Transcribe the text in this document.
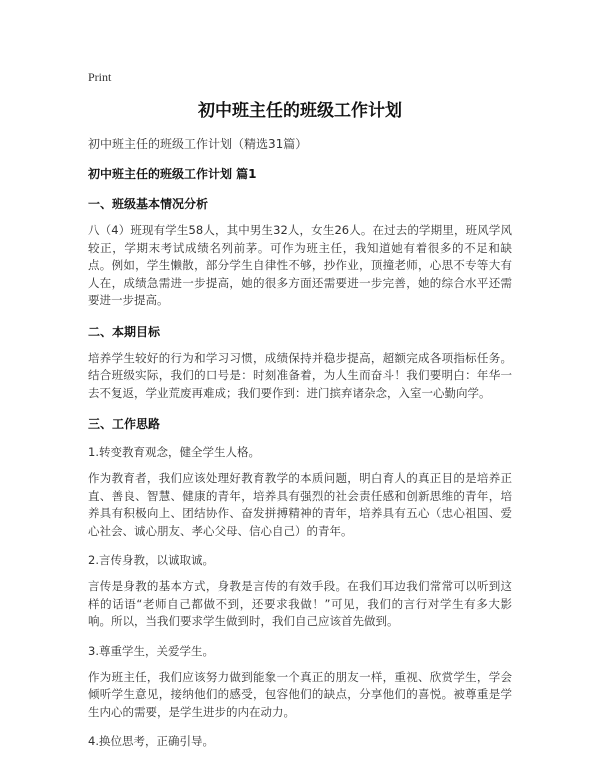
Print
初中班主任的班级工作计划
初中班主任的班级工作计划（精选31篇）
初中班主任的班级工作计划 篇1
一、班级基本情况分析
八（4）班现有学生58人，其中男生32人，女生26人。在过去的学期里，班风学风较正，学期末考试成绩名列前茅。可作为班主任，我知道她有着很多的不足和缺点。例如，学生懒散，部分学生自律性不够，抄作业，顶撞老师，心思不专等大有人在，成绩急需进一步提高，她的很多方面还需要进一步完善，她的综合水平还需要进一步提高。
二、本期目标
培养学生较好的行为和学习习惯，成绩保持并稳步提高，超额完成各项指标任务。结合班级实际，我们的口号是：时刻准备着，为人生而奋斗！我们要明白：年华一去不复返，学业荒废再难成；我们要作到：进门摈弃诸杂念，入室一心勤向学。
三、工作思路
1.转变教育观念，健全学生人格。
作为教育者，我们应该处理好教育教学的本质问题，明白育人的真正目的是培养正直、善良、智慧、健康的青年，培养具有强烈的社会责任感和创新思维的青年，培养具有积极向上、团结协作、奋发拼搏精神的青年，培养具有五心（忠心祖国、爱心社会、诚心朋友、孝心父母、信心自己）的青年。
2.言传身教，以诚取诚。
言传是身教的基本方式，身教是言传的有效手段。在我们耳边我们常常可以听到这样的话语“老师自己都做不到，还要求我做！”可见，我们的言行对学生有多大影响。所以，当我们要求学生做到时，我们自己应该首先做到。
3.尊重学生，关爱学生。
作为班主任，我们应该努力做到能象一个真正的朋友一样，重视、欣赏学生，学会倾听学生意见，接纳他们的感受，包容他们的缺点，分享他们的喜悦。被尊重是学生内心的需要，是学生进步的内在动力。
4.换位思考，正确引导。
